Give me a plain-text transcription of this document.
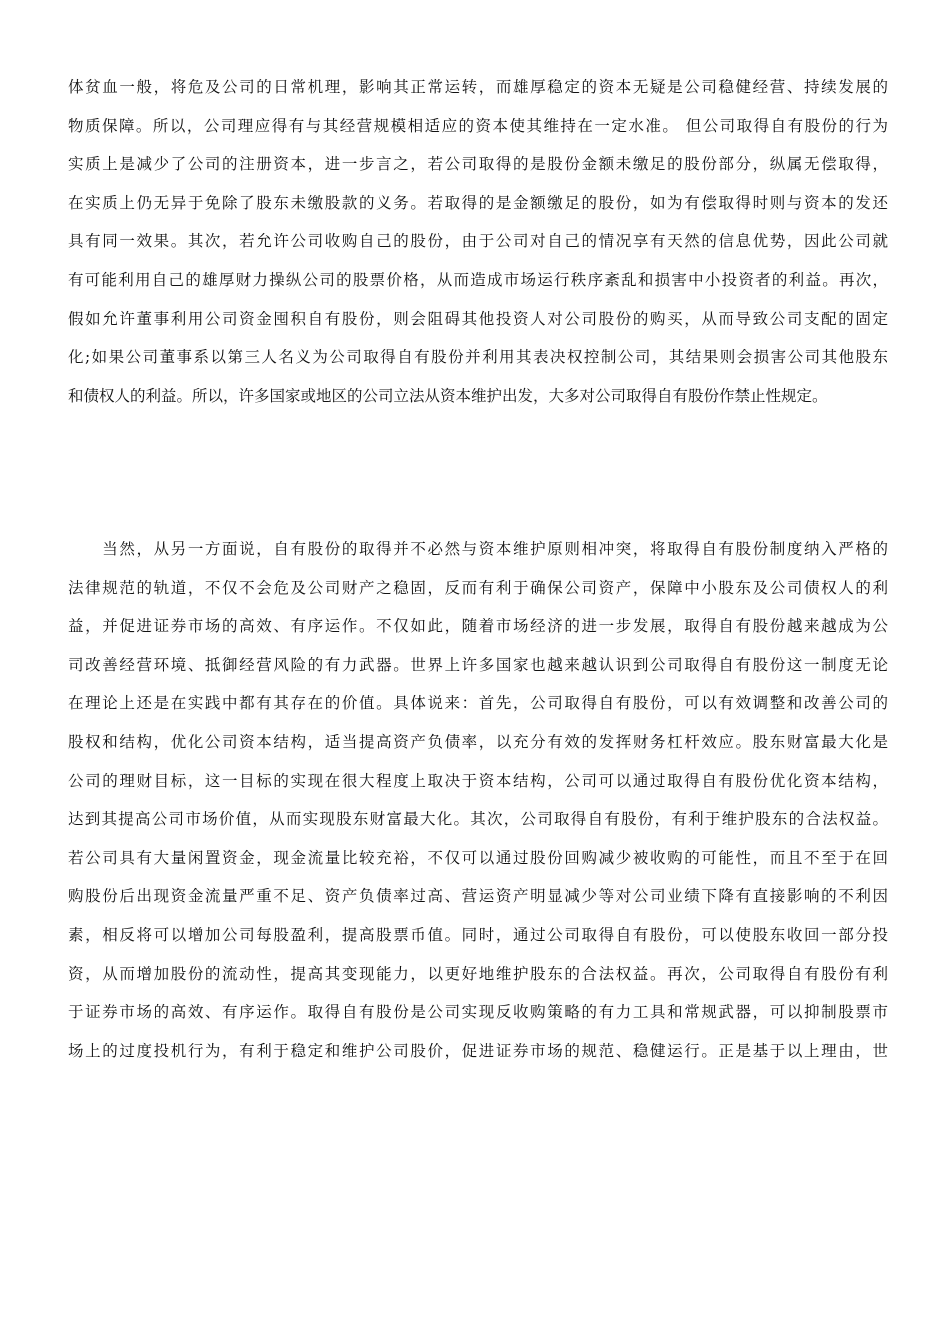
体贫血一般，将危及公司的日常机理，影响其正常运转，而雄厚稳定的资本无疑是公司稳健经营、持续发展的
物质保障。所以，公司理应得有与其经营规模相适应的资本使其维持在一定水准。 但公司取得自有股份的行为
实质上是减少了公司的注册资本，进一步言之，若公司取得的是股份金额未缴足的股份部分，纵属无偿取得，
在实质上仍无异于免除了股东未缴股款的义务。若取得的是金额缴足的股份，如为有偿取得时则与资本的发还
具有同一效果。其次，若允许公司收购自己的股份，由于公司对自己的情况享有天然的信息优势，因此公司就
有可能利用自己的雄厚财力操纵公司的股票价格，从而造成市场运行秩序紊乱和损害中小投资者的利益。再次，
假如允许董事利用公司资金囤积自有股份，则会阻碍其他投资人对公司股份的购买，从而导致公司支配的固定
化;如果公司董事系以第三人名义为公司取得自有股份并利用其表决权控制公司，其结果则会损害公司其他股东
和债权人的利益。所以，许多国家或地区的公司立法从资本维护出发，大多对公司取得自有股份作禁止性规定。
　　当然，从另一方面说，自有股份的取得并不必然与资本维护原则相冲突，将取得自有股份制度纳入严格的
法律规范的轨道，不仅不会危及公司财产之稳固，反而有利于确保公司资产，保障中小股东及公司债权人的利
益，并促进证券市场的高效、有序运作。不仅如此，随着市场经济的进一步发展，取得自有股份越来越成为公
司改善经营环境、抵御经营风险的有力武器。世界上许多国家也越来越认识到公司取得自有股份这一制度无论
在理论上还是在实践中都有其存在的价值。具体说来：首先，公司取得自有股份，可以有效调整和改善公司的
股权和结构，优化公司资本结构，适当提高资产负债率，以充分有效的发挥财务杠杆效应。股东财富最大化是
公司的理财目标，这一目标的实现在很大程度上取决于资本结构，公司可以通过取得自有股份优化资本结构，
达到其提高公司市场价值，从而实现股东财富最大化。其次，公司取得自有股份，有利于维护股东的合法权益。
若公司具有大量闲置资金，现金流量比较充裕，不仅可以通过股份回购减少被收购的可能性，而且不至于在回
购股份后出现资金流量严重不足、资产负债率过高、营运资产明显减少等对公司业绩下降有直接影响的不利因
素，相反将可以增加公司每股盈利，提高股票币值。同时，通过公司取得自有股份，可以使股东收回一部分投
资，从而增加股份的流动性，提高其变现能力，以更好地维护股东的合法权益。再次，公司取得自有股份有利
于证券市场的高效、有序运作。取得自有股份是公司实现反收购策略的有力工具和常规武器，可以抑制股票市
场上的过度投机行为，有利于稳定和维护公司股价，促进证券市场的规范、稳健运行。正是基于以上理由，世
